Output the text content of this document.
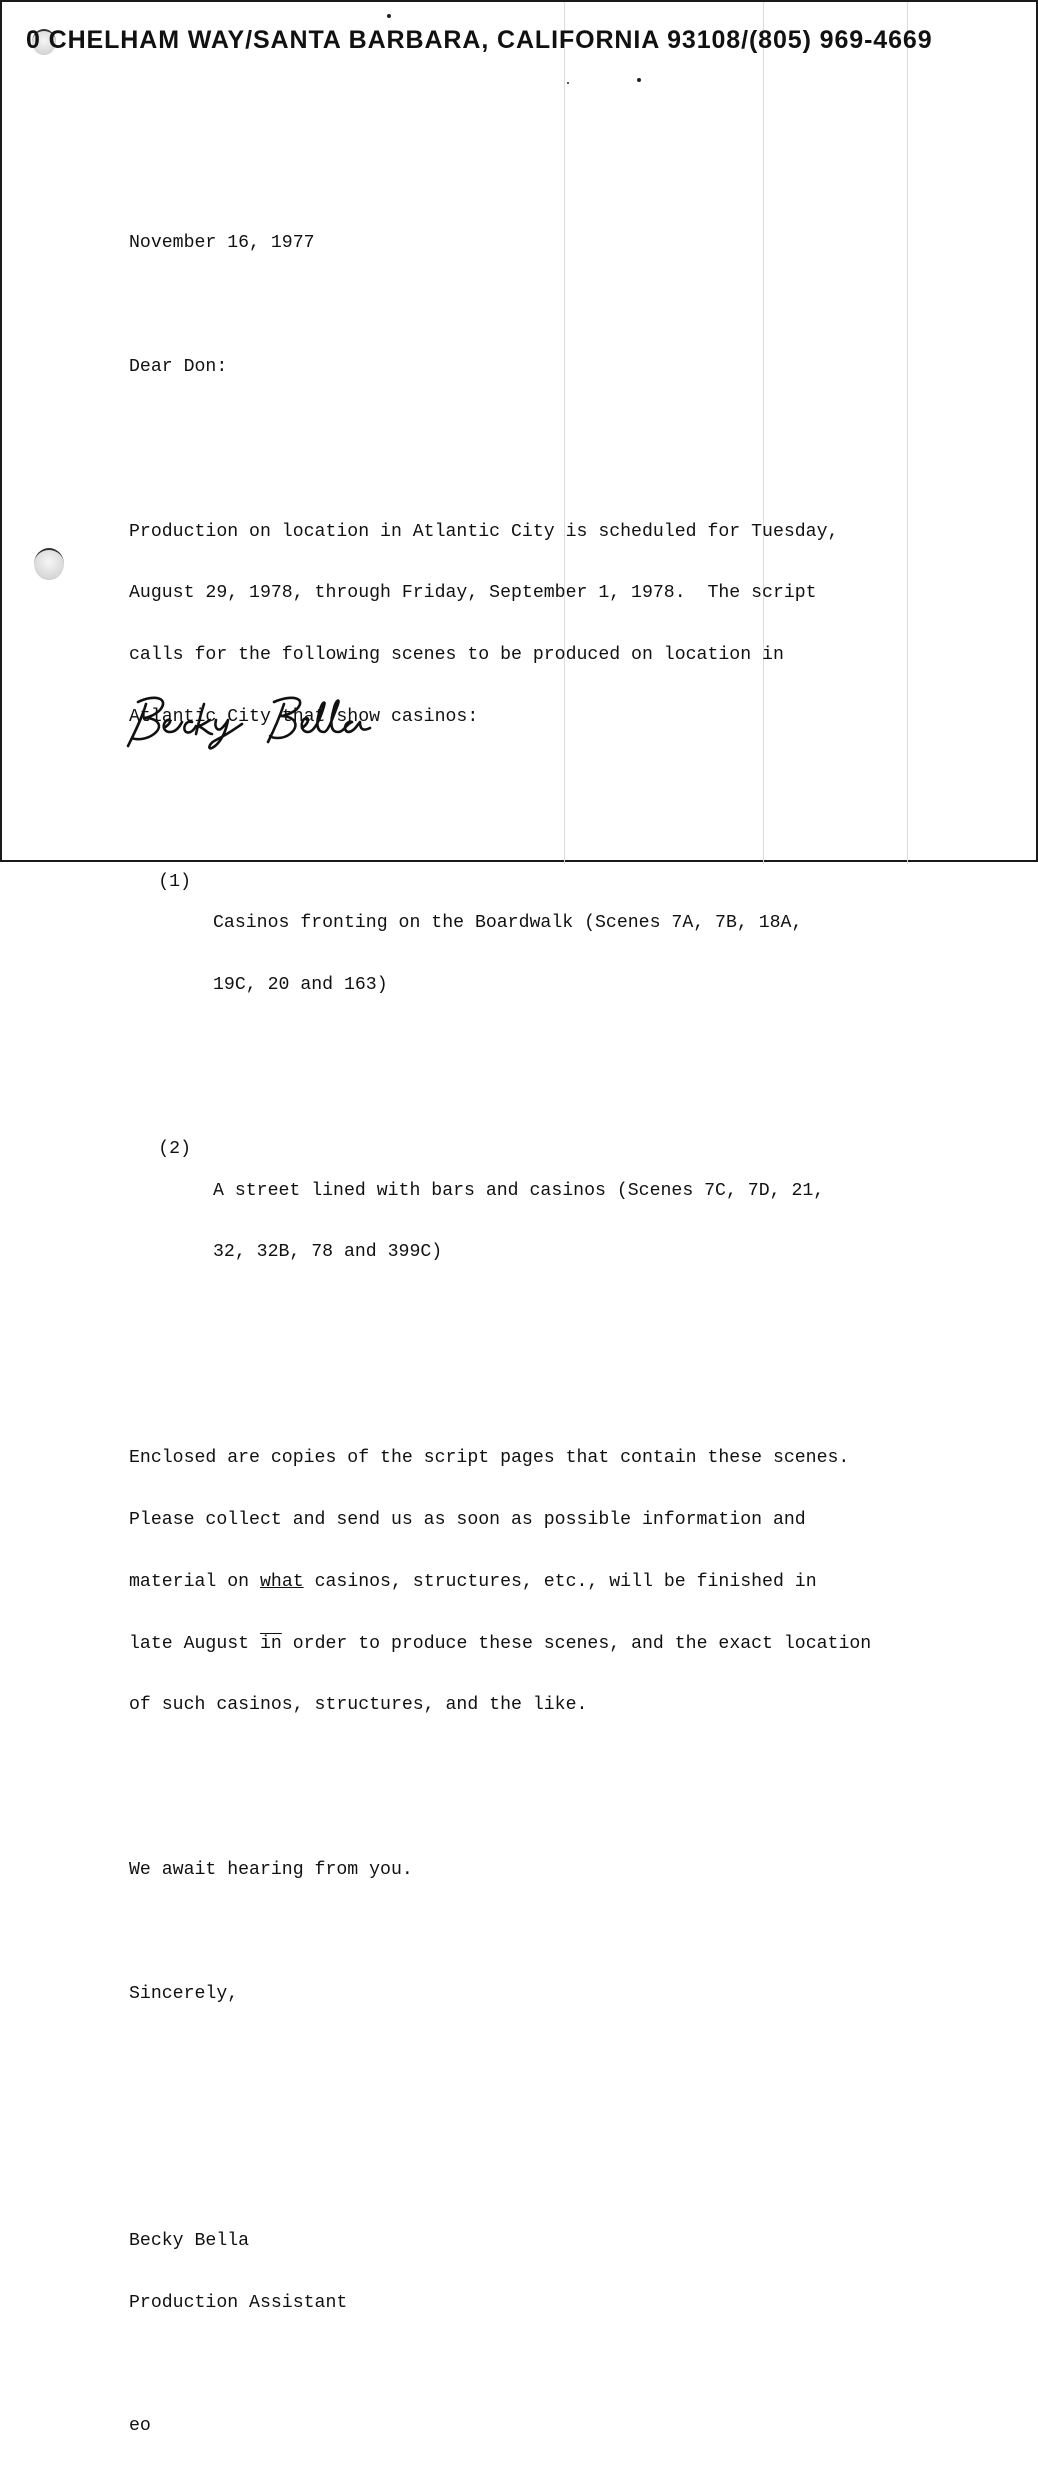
0 CHELHAM WAY/SANTA BARBARA, CALIFORNIA 93108/(805) 969-4669

November 16, 1977

Dear Don:

Production on location in Atlantic City is scheduled for Tuesday,

August 29, 1978, through Friday, September 1, 1978.  The script

calls for the following scenes to be produced on location in

Atlantic City that show casinos:

(1)

Casinos fronting on the Boardwalk (Scenes 7A, 7B, 18A,

19C, 20 and 163)

(2)

A street lined with bars and casinos (Scenes 7C, 7D, 21,

32, 32B, 78 and 399C)

Enclosed are copies of the script pages that contain these scenes.

Please collect and send us as soon as possible information and

material on what casinos, structures, etc., will be finished in

late August $\overline{in}$ order to produce these scenes, and the exact location

of such casinos, structures, and the like.

We await hearing from you.

Sincerely,

Becky Bella

Production Assistant

eo
